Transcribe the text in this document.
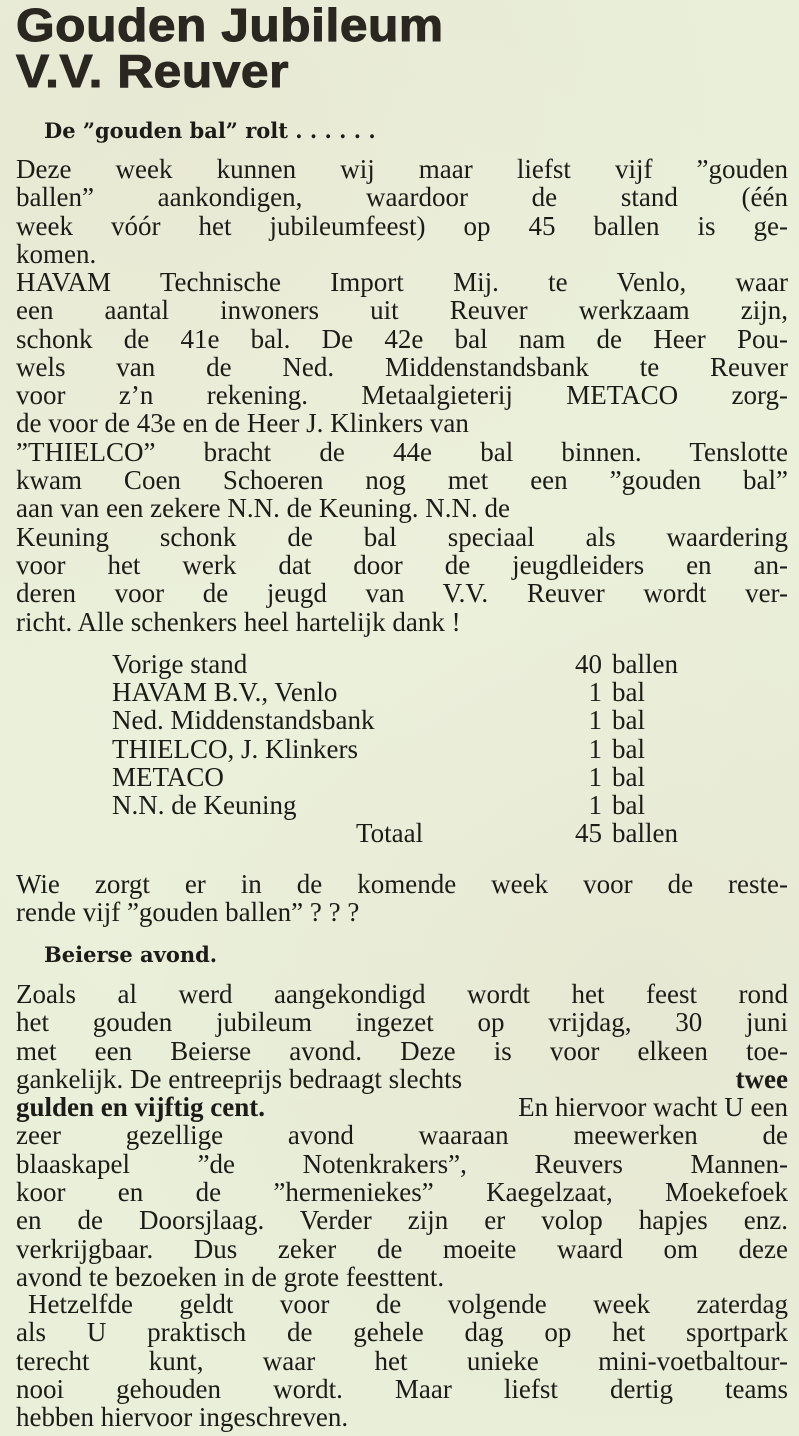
Gouden Jubileum
V.V. Reuver
De ”gouden bal” rolt . . . . . .
Deze week kunnen wij maar liefst vijf ”gouden
ballen” aankondigen, waardoor de stand (één
week vóór het jubileumfeest) op 45 ballen is ge-
komen.
HAVAM Technische Import Mij. te Venlo, waar
een aantal inwoners uit Reuver werkzaam zijn,
schonk de 41e bal. De 42e bal nam de Heer Pou-
wels van de Ned. Middenstandsbank te Reuver
voor z’n rekening. Metaalgieterij METACO zorg-
de voor de 43e en de Heer J. Klinkers van
”THIELCO” bracht de 44e bal binnen. Tenslotte
kwam Coen Schoeren nog met een ”gouden bal”
aan van een zekere N.N. de Keuning. N.N. de
Keuning schonk de bal speciaal als waardering
voor het werk dat door de jeugdleiders en an-
deren voor de jeugd van V.V. Reuver wordt ver-
richt. Alle schenkers heel hartelijk dank !
Vorige stand	40 ballen
HAVAM B.V., Venlo	1 bal
Ned. Middenstandsbank	1 bal
THIELCO, J. Klinkers	1 bal
METACO	1 bal
N.N. de Keuning	1 bal
Totaal	45 ballen
Wie zorgt er in de komende week voor de reste-
rende vijf ”gouden ballen” ? ? ?
Beierse avond.
Zoals al werd aangekondigd wordt het feest rond
het gouden jubileum ingezet op vrijdag, 30 juni
met een Beierse avond. Deze is voor elkeen toe-
gankelijk. De entreeprijs bedraagt slechts	twee
gulden en vijftig cent.	En hiervoor wacht U een
zeer gezellige avond waaraan meewerken de
blaaskapel ”de Notenkrakers”, Reuvers Mannen-
koor en de ”hermeniekes” Kaegelzaat, Moekefoek
en de Doorsjlaag. Verder zijn er volop hapjes enz.
verkrijgbaar. Dus zeker de moeite waard om deze
avond te bezoeken in de grote feesttent.
Hetzelfde geldt voor de volgende week zaterdag
als U praktisch de gehele dag op het sportpark
terecht kunt, waar het unieke mini-voetbaltour-
nooi gehouden wordt. Maar liefst dertig teams
hebben hiervoor ingeschreven.
